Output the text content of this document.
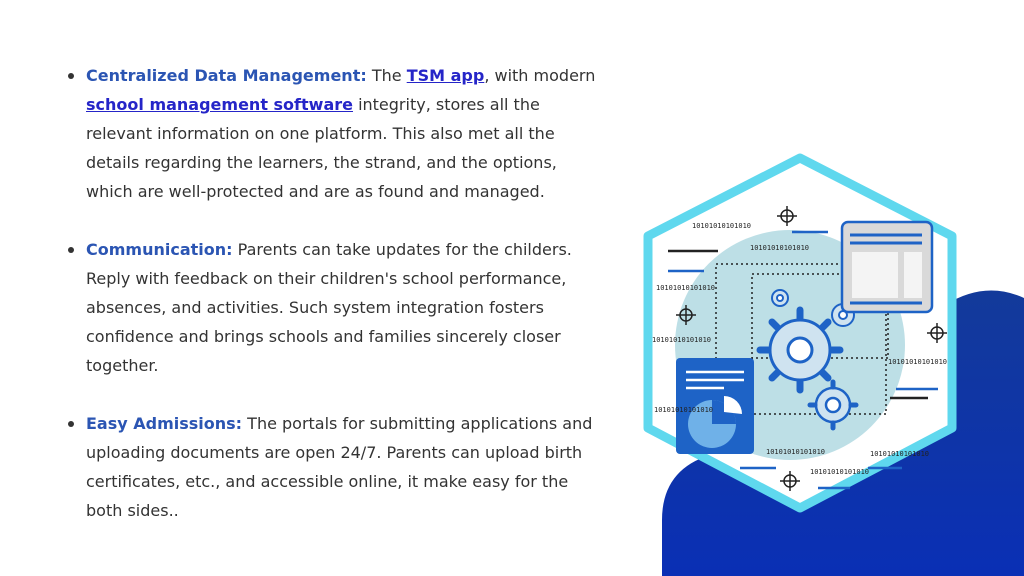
10101010101010
10101010101010
10101010101010
10101010101010
10101010101010
10101010101010
10101010101010	10101010101010
10101010101010
Centralized Data Management: The TSM app, with modern school management software integrity, stores all the relevant information on one platform. This also met all the details regarding the learners, the strand, and the options, which are well-protected and are as found and managed.
Communication: Parents can take updates for the childers. Reply with feedback on their children's school performance, absences, and activities. Such system integration fosters confidence and brings schools and families sincerely closer together.
Easy Admissions: The portals for submitting applications and uploading documents are open 24/7. Parents can upload birth certificates, etc., and accessible online, it make easy for the both sides..
